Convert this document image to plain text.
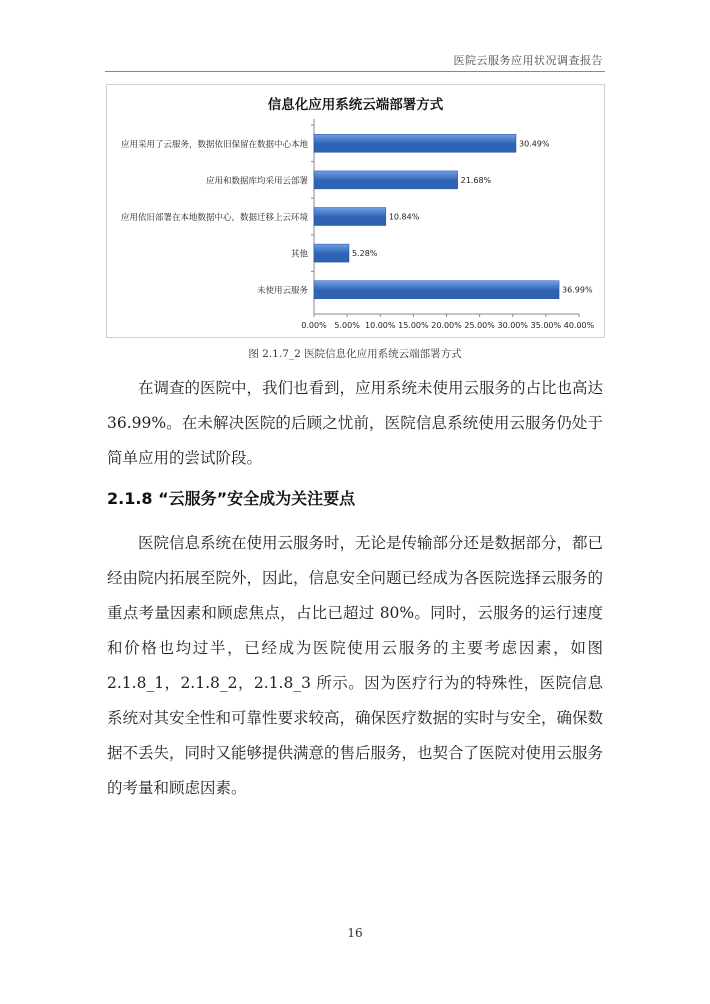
医院云服务应用状况调查报告
信息化应用系统云端部署方式
应用采用了云服务，数据依旧保留在数据中心本地	30.49%
应用和数据库均采用云部署	21.68%
应用依旧部署在本地数据中心，数据迁移上云环境	10.84%
其他	5.28%
未使用云服务	36.99%
0.00% 5.00% 10.00% 15.00% 20.00% 25.00% 30.00% 35.00% 40.00%
图 2.1.7_2 医院信息化应用系统云端部署方式

在调查的医院中，我们也看到，应用系统未使用云服务的占比也高达 36.99%。在未解决医院的后顾之忧前，医院信息系统使用云服务仍处于简单应用的尝试阶段。

2.1.8 “云服务”安全成为关注要点

医院信息系统在使用云服务时，无论是传输部分还是数据部分，都已经由院内拓展至院外，因此，信息安全问题已经成为各医院选择云服务的重点考量因素和顾虑焦点，占比已超过 80%。同时，云服务的运行速度和价格也均过半，已经成为医院使用云服务的主要考虑因素，如图 2.1.8_1，2.1.8_2，2.1.8_3 所示。因为医疗行为的特殊性，医院信息系统对其安全性和可靠性要求较高，确保医疗数据的实时与安全，确保数据不丢失，同时又能够提供满意的售后服务，也契合了医院对使用云服务的考量和顾虑因素。

16
